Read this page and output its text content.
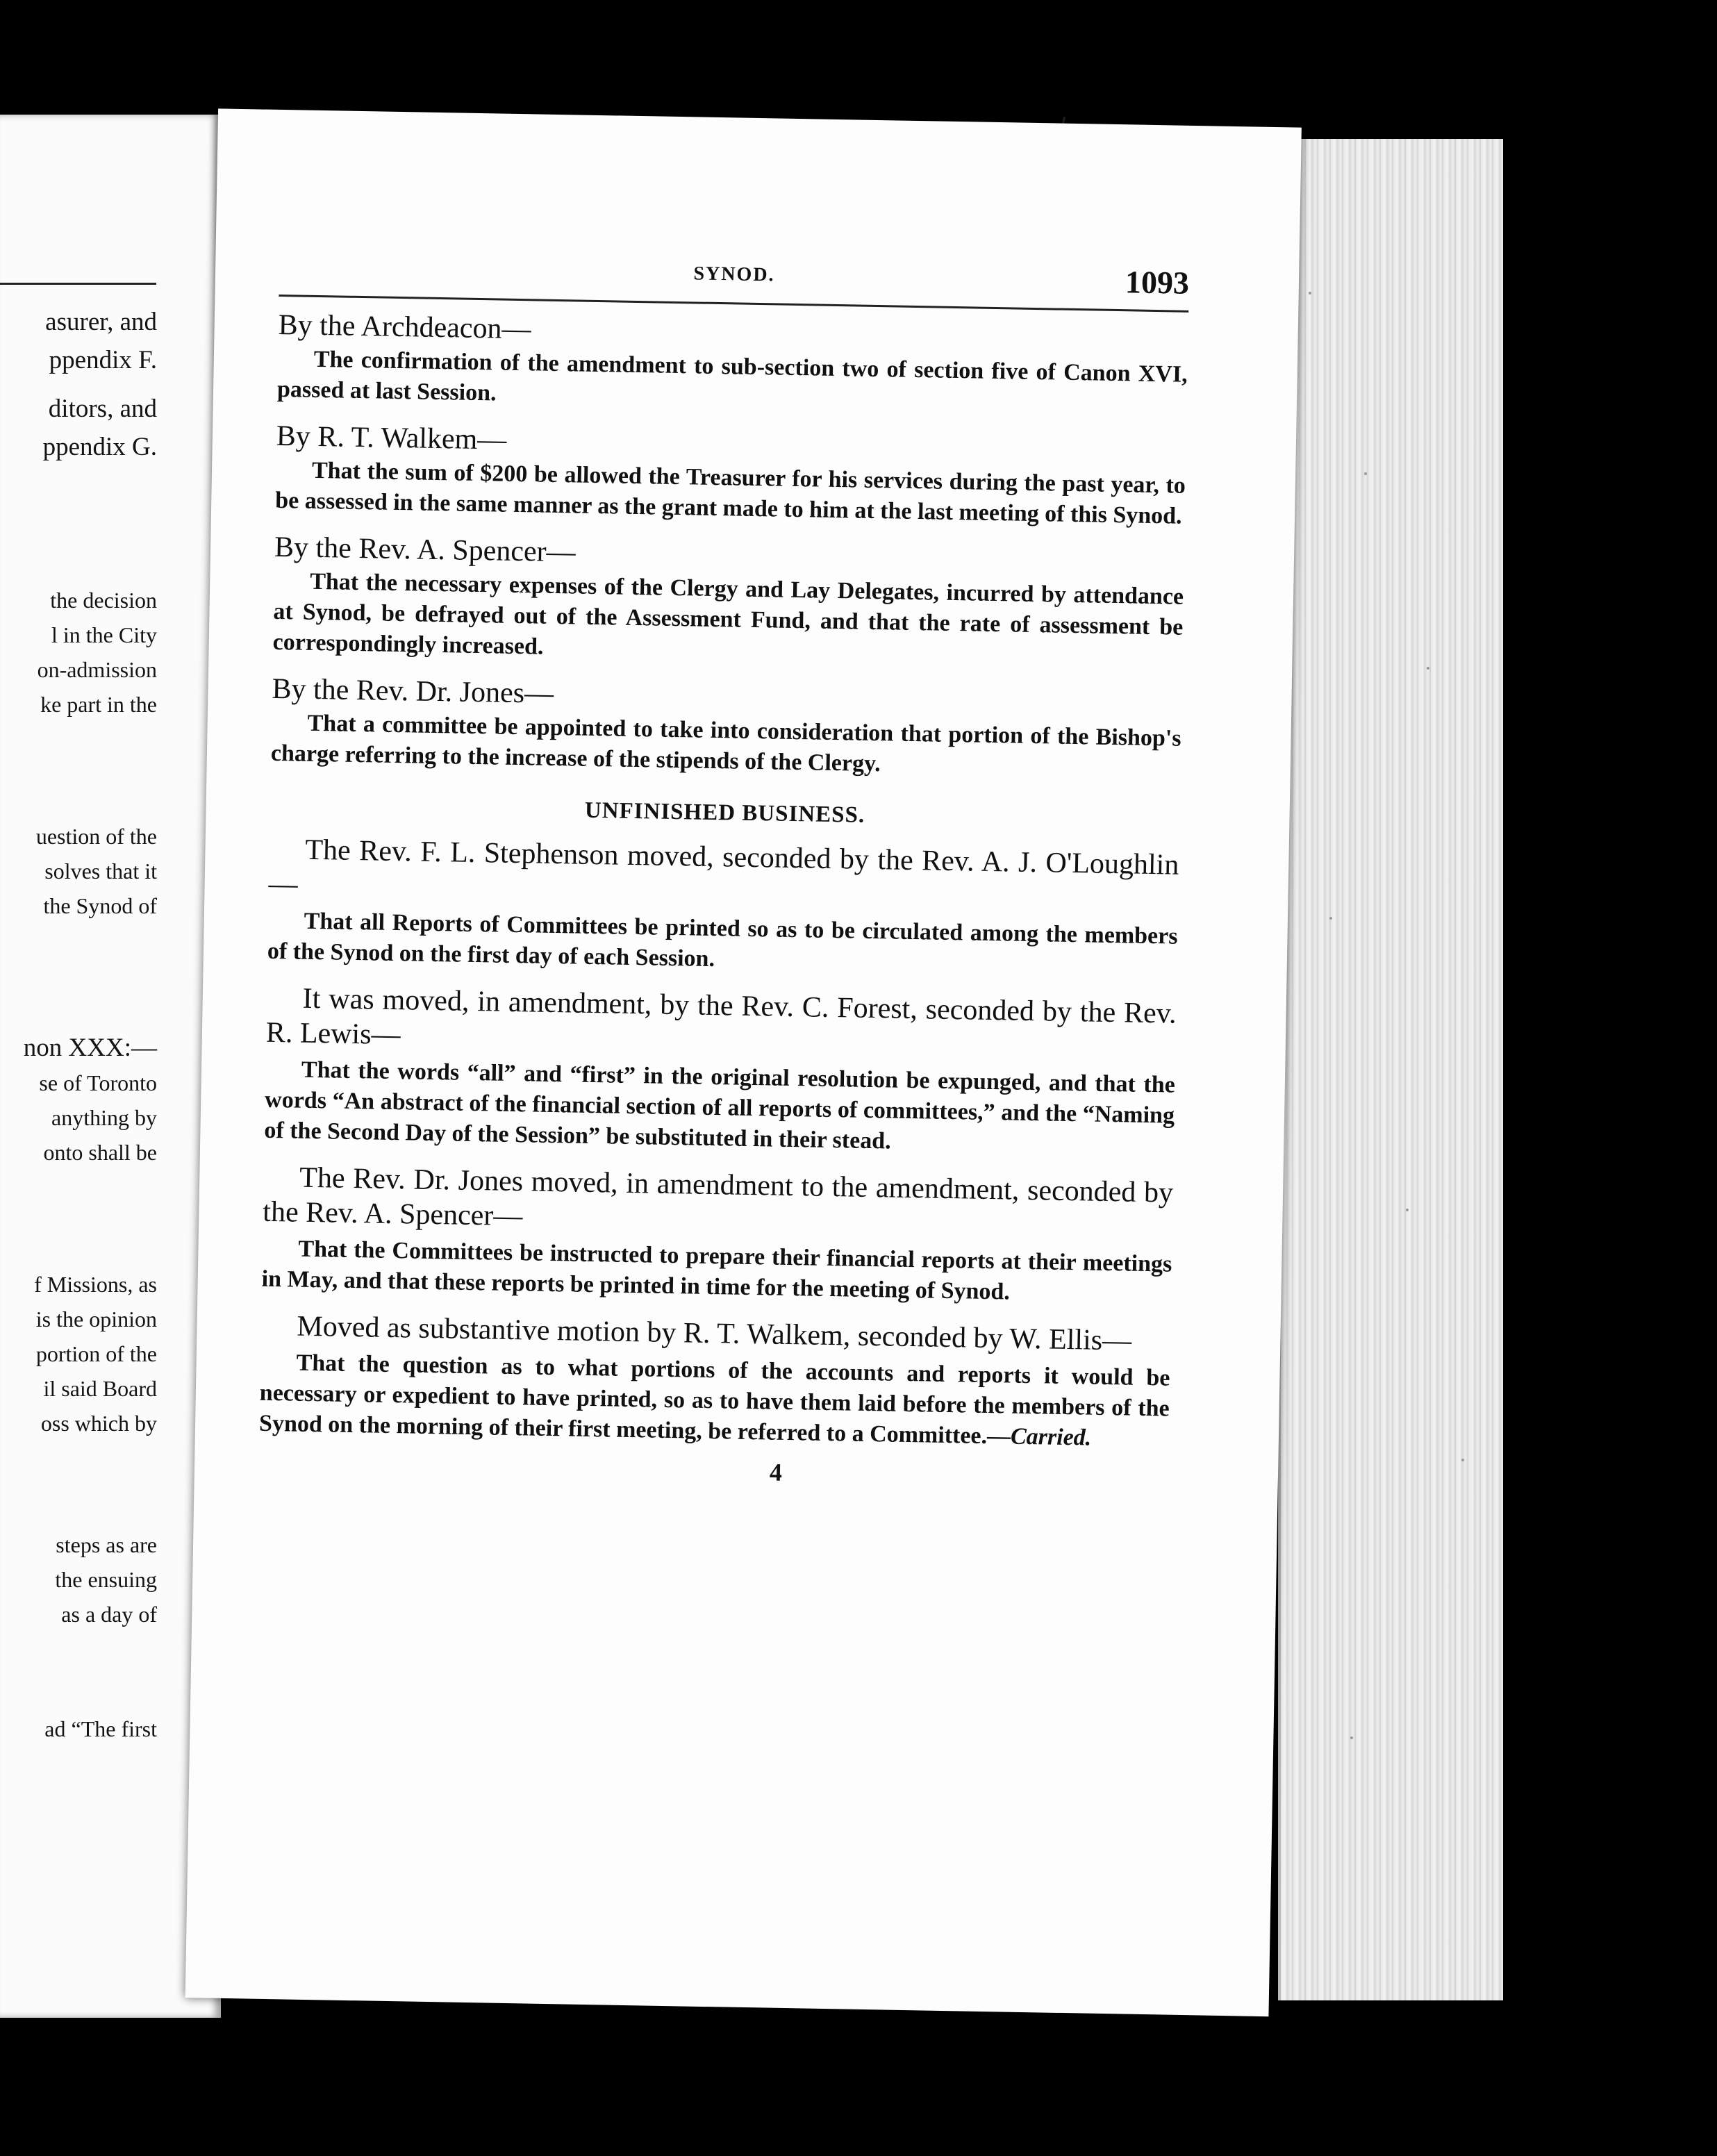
asurer, and
ppendix F.
ditors, and
ppendix G.
the decision
l in the City
on-admission
ke part in the
uestion of the
solves that it
the Synod of
non XXX:—
se of Toronto
anything by
onto shall be
f Missions, as
is the opinion
portion of the
il said Board
oss which by
steps as are
the ensuing
as a day of
ad “The first
SYNOD.	1093
By the Archdeacon—
The confirmation of the amendment to sub-section two of section five of Canon XVI, passed at last Session.
By R. T. Walkem—
That the sum of $200 be allowed the Treasurer for his services during the past year, to be assessed in the same manner as the grant made to him at the last meeting of this Synod.
By the Rev. A. Spencer—
That the necessary expenses of the Clergy and Lay Delegates, incurred by attendance at Synod, be defrayed out of the Assessment Fund, and that the rate of assessment be correspondingly increased.
By the Rev. Dr. Jones—
That a committee be appointed to take into consideration that portion of the Bishop's charge referring to the increase of the stipends of the Clergy.
UNFINISHED BUSINESS.
The Rev. F. L. Stephenson moved, seconded by the Rev. A. J. O'Loughlin—
That all Reports of Committees be printed so as to be circulated among the members of the Synod on the first day of each Session.
It was moved, in amendment, by the Rev. C. Forest, seconded by the Rev. R. Lewis—
That the words “all” and “first” in the original resolution be expunged, and that the words “An abstract of the financial section of all reports of committees,” and the “Naming of the Second Day of the Session” be substituted in their stead.
The Rev. Dr. Jones moved, in amendment to the amendment, seconded by the Rev. A. Spencer—
That the Committees be instructed to prepare their financial reports at their meetings in May, and that these reports be printed in time for the meeting of Synod.
Moved as substantive motion by R. T. Walkem, seconded by W. Ellis—
That the question as to what portions of the accounts and reports it would be necessary or expedient to have printed, so as to have them laid before the members of the Synod on the morning of their first meeting, be referred to a Committee.—Carried.
4
